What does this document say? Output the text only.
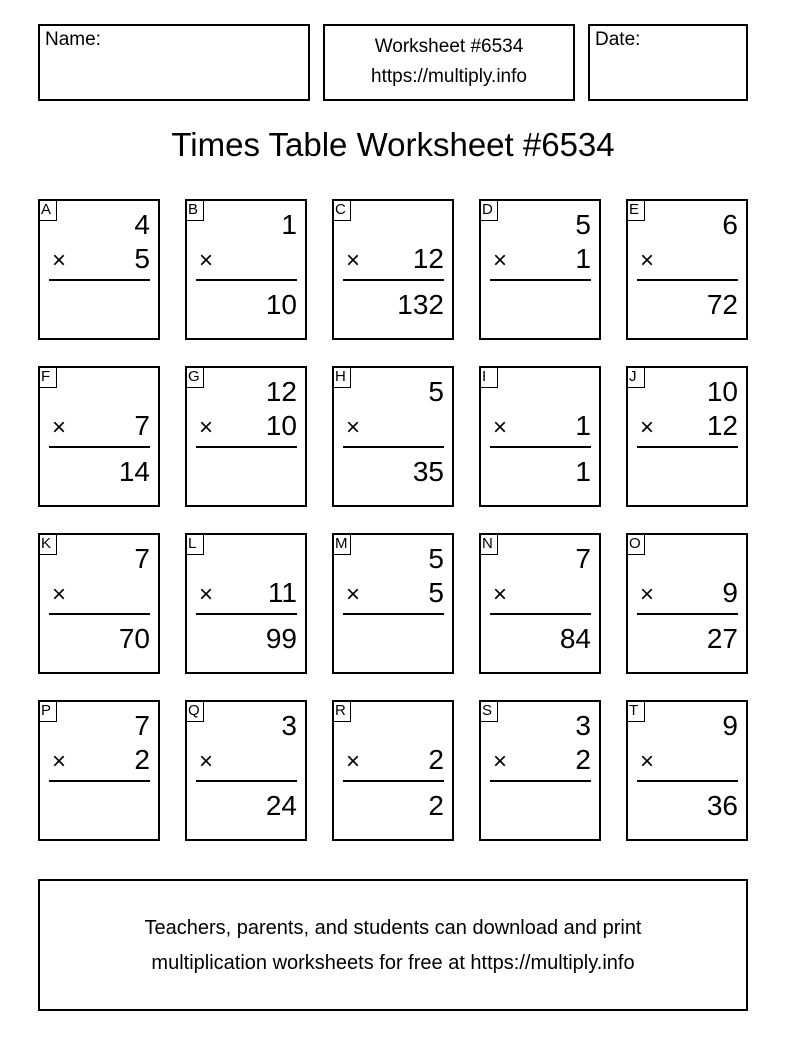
Name:	Worksheet #6534
https://multiply.info
Date:
Times Table Worksheet #6534
A	4
× 5
B	1
×
10
C
× 12
132
D	5
× 1
E	6
×
72
F
× 7
14
G 12
× 10
H	5
×
35
I
× 1
1
J	10
× 12
K	7
×
70
L
× 11
99
M	5
× 5
N	7
×
84
O
× 9
27
P	7
× 2
Q	3
×
24
R
× 2
2
S	3
× 2
T	9
×
36
Teachers, parents, and students can download and print
multiplication worksheets for free at https://multiply.info
